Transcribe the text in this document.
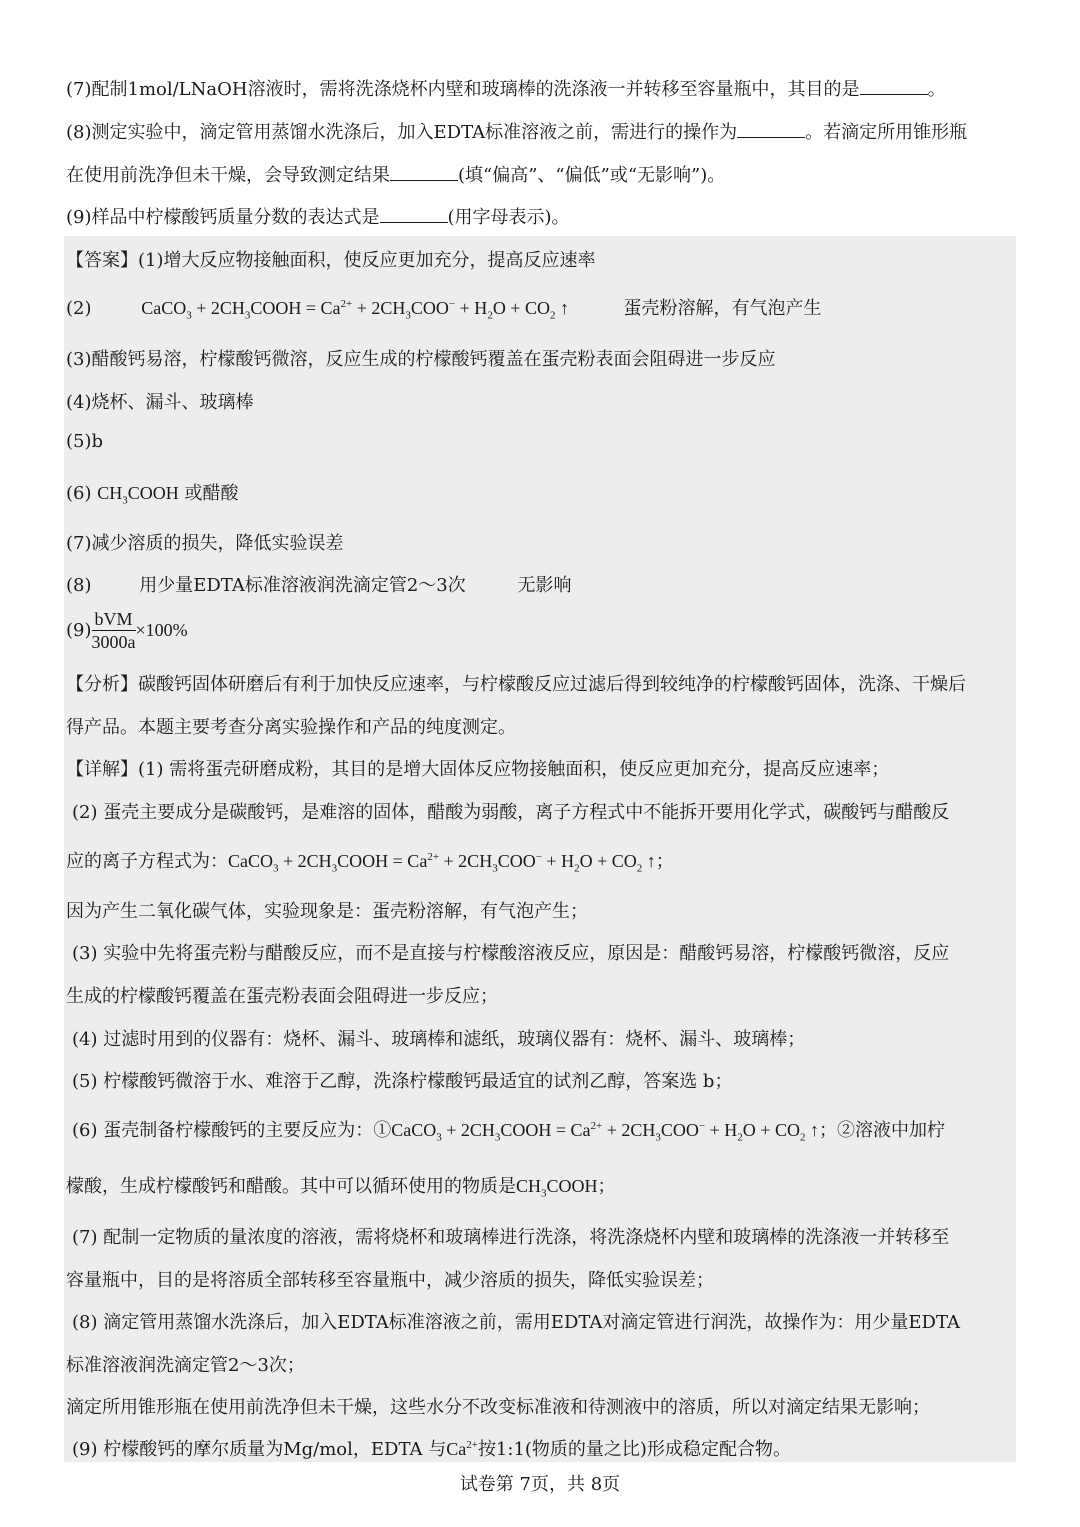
(7)配制1mol/LNaOH溶液时，需将洗涤烧杯内壁和玻璃棒的洗涤液一并转移至容量瓶中，其目的是	。
(8)测定实验中，滴定管用蒸馏水洗涤后，加入EDTA标准溶液之前，需进行的操作为	。若滴定所用锥形瓶
在使用前洗净但未干燥，会导致测定结果	(填“偏高”、“偏低”或“无影响”)。
(9)样品中柠檬酸钙质量分数的表达式是	(用字母表示)。
【答案】(1)增大反应物接触面积，使反应更加充分，提高反应速率
(2)	CaCO$_3$ + $2CH_3COOH = Ca^{2+} + 2CH_3COO^- + H_2O + CO_2$ ↑	蛋壳粉溶解，有气泡产生
(3)醋酸钙易溶，柠檬酸钙微溶，反应生成的柠檬酸钙覆盖在蛋壳粉表面会阻碍进一步反应
(4)烧杯、漏斗、玻璃棒
(5)b
(6) $CH_3COOH$ 或醋酸
(7)减少溶质的损失，降低实验误差
(8)	用少量EDTA标准溶液润洗滴定管2～3次	无影响
$(9) \frac{\text{bVM}}{3000a} \times 100\%$
【分析】碳酸钙固体研磨后有利于加快反应速率，与柠檬酸反应过滤后得到较纯净的柠檬酸钙固体，洗涤、干燥后
得产品。本题主要考查分离实验操作和产品的纯度测定。
【详解】(1) 需将蛋壳研磨成粉，其目的是增大固体反应物接触面积，使反应更加充分，提高反应速率；
(2) 蛋壳主要成分是碳酸钙，是难溶的固体，醋酸为弱酸，离子方程式中不能拆开要用化学式，碳酸钙与醋酸反
应的离子方程式为：CaCO$_3$ + $2CH_3COOH = Ca^{2+} + 2CH_3COO^- + H_2O + CO_2$ ↑；
因为产生二氧化碳气体，实验现象是：蛋壳粉溶解，有气泡产生；
(3) 实验中先将蛋壳粉与醋酸反应，而不是直接与柠檬酸溶液反应，原因是：醋酸钙易溶，柠檬酸钙微溶，反应
生成的柠檬酸钙覆盖在蛋壳粉表面会阻碍进一步反应；
(4) 过滤时用到的仪器有：烧杯、漏斗、玻璃棒和滤纸，玻璃仪器有：烧杯、漏斗、玻璃棒；
(5) 柠檬酸钙微溶于水、难溶于乙醇，洗涤柠檬酸钙最适宜的试剂乙醇，答案选 b；
(6) 蛋壳制备柠檬酸钙的主要反应为：①CaCO$_3$ + $2CH_3COOH = Ca^{2+} + 2CH_3COO^- + H_2O + CO_2$ ↑；②溶液中加柠
檬酸，生成柠檬酸钙和醋酸。其中可以循环使用的物质是$CH_3COOH$；
(7) 配制一定物质的量浓度的溶液，需将烧杯和玻璃棒进行洗涤，将洗涤烧杯内壁和玻璃棒的洗涤液一并转移至
容量瓶中，目的是将溶质全部转移至容量瓶中，减少溶质的损失，降低实验误差；
(8) 滴定管用蒸馏水洗涤后，加入EDTA标准溶液之前，需用EDTA对滴定管进行润洗，故操作为：用少量EDTA
标准溶液润洗滴定管2～3次；
滴定所用锥形瓶在使用前洗净但未干燥，这些水分不改变标准液和待测液中的溶质，所以对滴定结果无影响；
(9) 柠檬酸钙的摩尔质量为Mg/mol，EDTA 与$Ca^{2+}$按1:1(物质的量之比)形成稳定配合物。
试卷第 7页，共 8页
